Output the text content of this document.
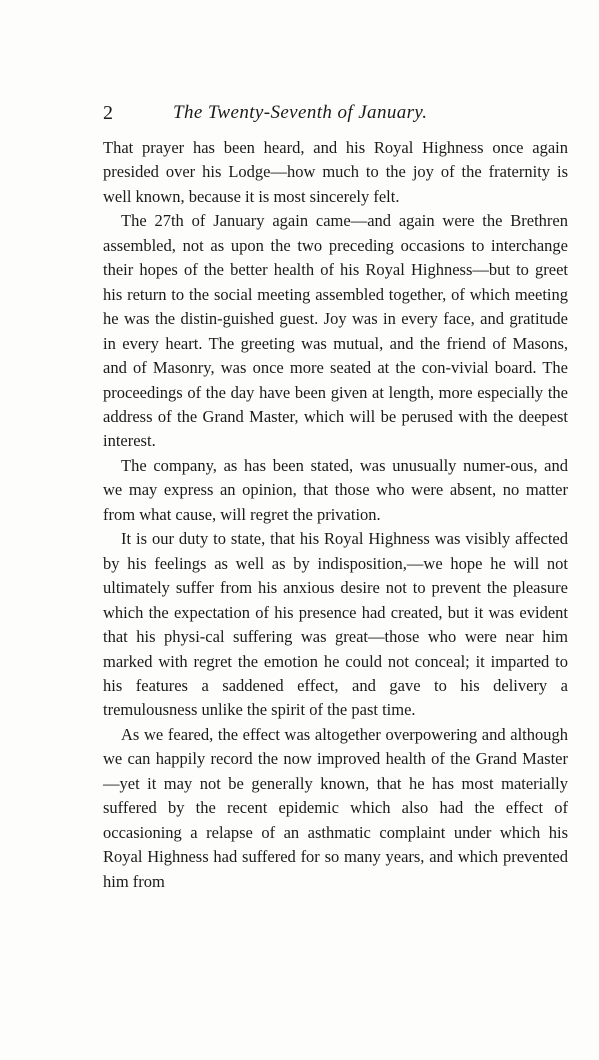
2	The Twenty-Seventh of January.

That prayer has been heard, and his Royal Highness once again presided over his Lodge—how much to the joy of the fraternity is well known, because it is most sincerely felt.

The 27th of January again came—and again were the Brethren assembled, not as upon the two preceding occasions to interchange their hopes of the better health of his Royal Highness—but to greet his return to the social meeting assembled together, of which meeting he was the distin-guished guest. Joy was in every face, and gratitude in every heart. The greeting was mutual, and the friend of Masons, and of Masonry, was once more seated at the con-vivial board. The proceedings of the day have been given at length, more especially the address of the Grand Master, which will be perused with the deepest interest.

The company, as has been stated, was unusually numer-ous, and we may express an opinion, that those who were absent, no matter from what cause, will regret the privation.

It is our duty to state, that his Royal Highness was visibly affected by his feelings as well as by indisposition,—we hope he will not ultimately suffer from his anxious desire not to prevent the pleasure which the expectation of his presence had created, but it was evident that his physi-cal suffering was great—those who were near him marked with regret the emotion he could not conceal; it imparted to his features a saddened effect, and gave to his delivery a tremulousness unlike the spirit of the past time.

As we feared, the effect was altogether overpowering and although we can happily record the now improved health of the Grand Master—yet it may not be generally known, that he has most materially suffered by the recent epidemic which also had the effect of occasioning a relapse of an asthmatic complaint under which his Royal Highness had suffered for so many years, and which prevented him from
